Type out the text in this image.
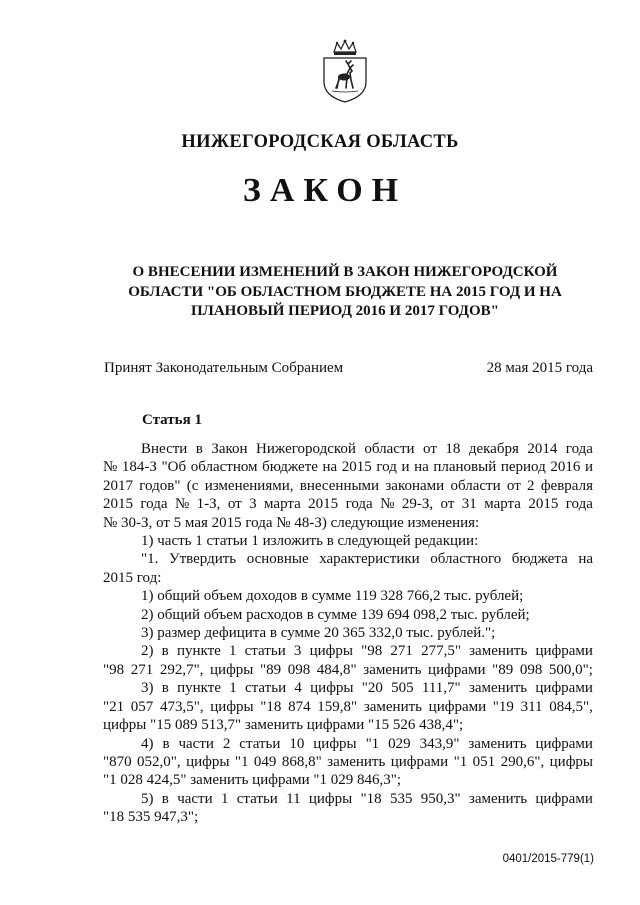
НИЖЕГОРОДСКАЯ ОБЛАСТЬ
ЗАКОН
О ВНЕСЕНИИ ИЗМЕНЕНИЙ В ЗАКОН НИЖЕГОРОДСКОЙ
ОБЛАСТИ "ОБ ОБЛАСТНОМ БЮДЖЕТЕ НА 2015 ГОД И НА
ПЛАНОВЫЙ ПЕРИОД 2016 И 2017 ГОДОВ"
Принят Законодательным Собранием	28 мая 2015 года
Статья 1
Внести в Закон Нижегородской области от 18 декабря 2014 года
№ 184-З "Об областном бюджете на 2015 год и на плановый период 2016 и
2017 годов" (с изменениями, внесенными законами области от 2 февраля
2015 года № 1-З, от 3 марта 2015 года № 29-З, от 31 марта 2015 года
№ 30-З, от 5 мая 2015 года № 48-З) следующие изменения:
1) часть 1 статьи 1 изложить в следующей редакции:
"1. Утвердить основные характеристики областного бюджета на
2015 год:
1) общий объем доходов в сумме 119 328 766,2 тыс. рублей;
2) общий объем расходов в сумме 139 694 098,2 тыс. рублей;
3) размер дефицита в сумме 20 365 332,0 тыс. рублей.";
2) в пункте 1 статьи 3 цифры "98 271 277,5" заменить цифрами
"98 271 292,7", цифры "89 098 484,8" заменить цифрами "89 098 500,0";
3) в пункте 1 статьи 4 цифры "20 505 111,7" заменить цифрами
"21 057 473,5", цифры "18 874 159,8" заменить цифрами "19 311 084,5",
цифры "15 089 513,7" заменить цифрами "15 526 438,4";
4) в части 2 статьи 10 цифры "1 029 343,9" заменить цифрами
"870 052,0", цифры "1 049 868,8" заменить цифрами "1 051 290,6", цифры
"1 028 424,5" заменить цифрами "1 029 846,3";
5) в части 1 статьи 11 цифры "18 535 950,3" заменить цифрами
"18 535 947,3";
0401/2015-779(1)
